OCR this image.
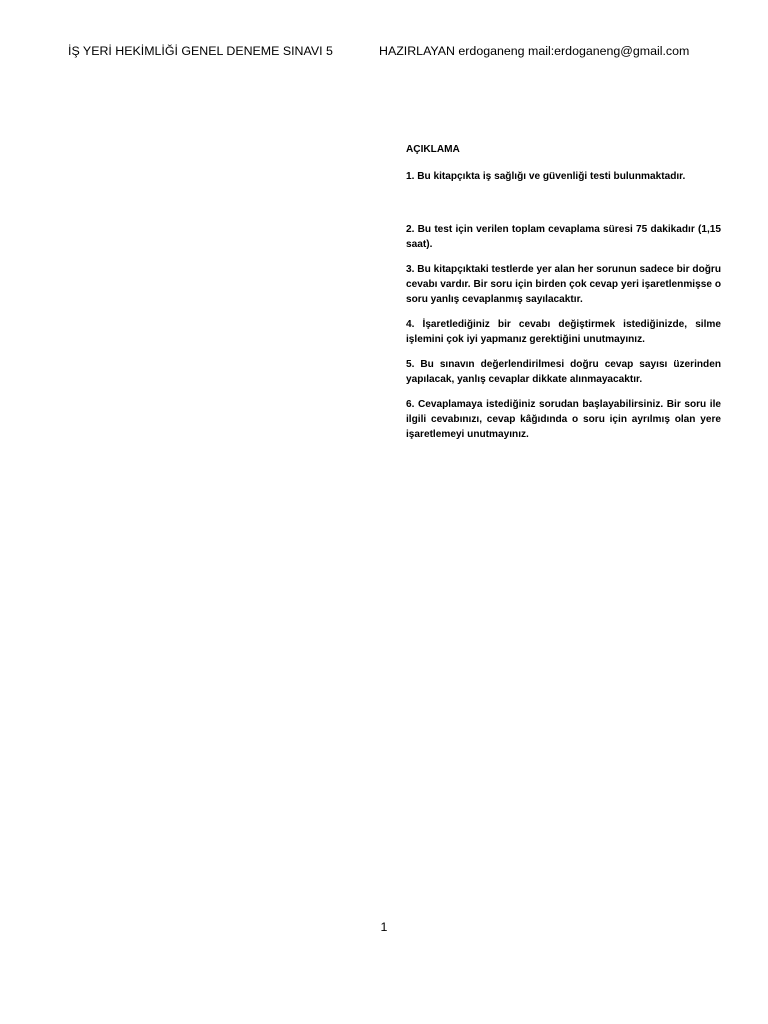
İŞ YERİ HEKİMLİĞİ GENEL DENEME SINAVI 5	HAZIRLAYAN erdoganeng mail:erdoganeng@gmail.com
AÇIKLAMA
1. Bu kitapçıkta iş sağlığı ve güvenliği testi bulunmaktadır.
2. Bu test için verilen toplam cevaplama süresi 75 dakikadır (1,15 saat).
3. Bu kitapçıktaki testlerde yer alan her sorunun sadece bir doğru cevabı vardır. Bir soru için birden çok cevap yeri işaretlenmişse o soru yanlış cevaplanmış sayılacaktır.
4. İşaretlediğiniz bir cevabı değiştirmek istediğinizde, silme işlemini çok iyi yapmanız gerektiğini unutmayınız.
5. Bu sınavın değerlendirilmesi doğru cevap sayısı üzerinden yapılacak, yanlış cevaplar dikkate alınmayacaktır.
6. Cevaplamaya istediğiniz sorudan başlayabilirsiniz. Bir soru ile ilgili cevabınızı, cevap kâğıdında o soru için ayrılmış olan yere işaretlemeyi unutmayınız.
1
